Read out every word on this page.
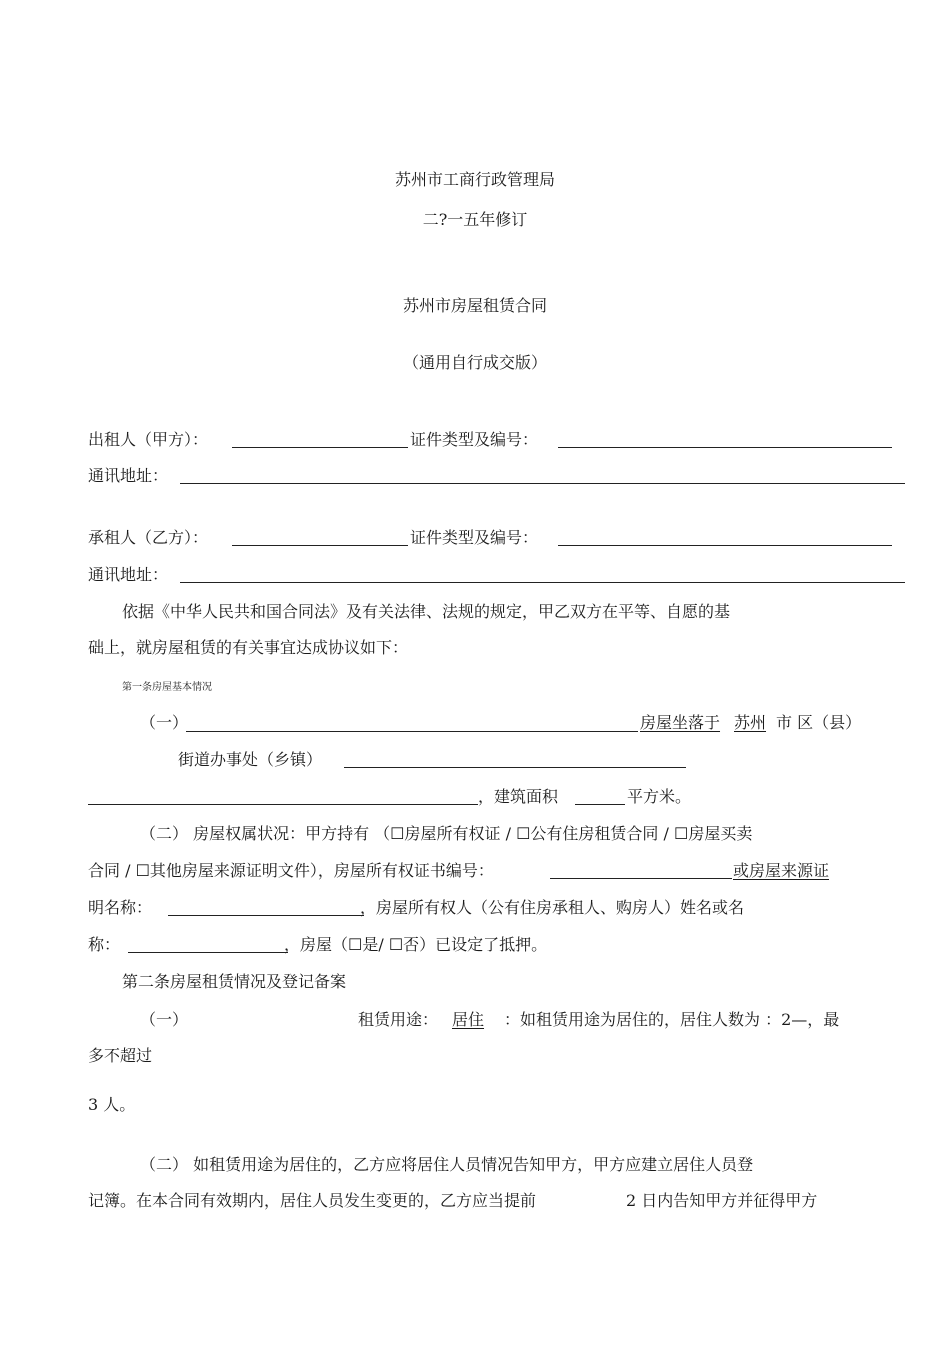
苏州市工商行政管理局
二?一五年修订
苏州市房屋租赁合同
（通用自行成交版）
出租人（甲方）：	证件类型及编号：
通讯地址：
承租人（乙方）：	证件类型及编号：
通讯地址：
依据《中华人民共和国合同法》及有关法律、法规的规定，甲乙双方在平等、自愿的基
础上，就房屋租赁的有关事宜达成协议如下：
第一条房屋基本情况
（一）	房屋坐落于 苏州 市 区（县）
街道办事处（乡镇）
，建筑面积	平方米。
（二） 房屋权属状况：甲方持有 （☐房屋所有权证 / ☐公有住房租赁合同 / ☐房屋买卖
合同 / ☐其他房屋来源证明文件），房屋所有权证书编号：	或房屋来源证
明名称：	，房屋所有权人（公有住房承租人、购房人）姓名或名
称：	，房屋（☐是/ ☐否）已设定了抵押。
第二条房屋租赁情况及登记备案
（一）	租赁用途： 居住 ：如租赁用途为居住的，居住人数为 ：2—，最
多不超过
3 人。
（二） 如租赁用途为居住的，乙方应将居住人员情况告知甲方，甲方应建立居住人员登
记簿。在本合同有效期内，居住人员发生变更的，乙方应当提前	2 日内告知甲方并征得甲方
